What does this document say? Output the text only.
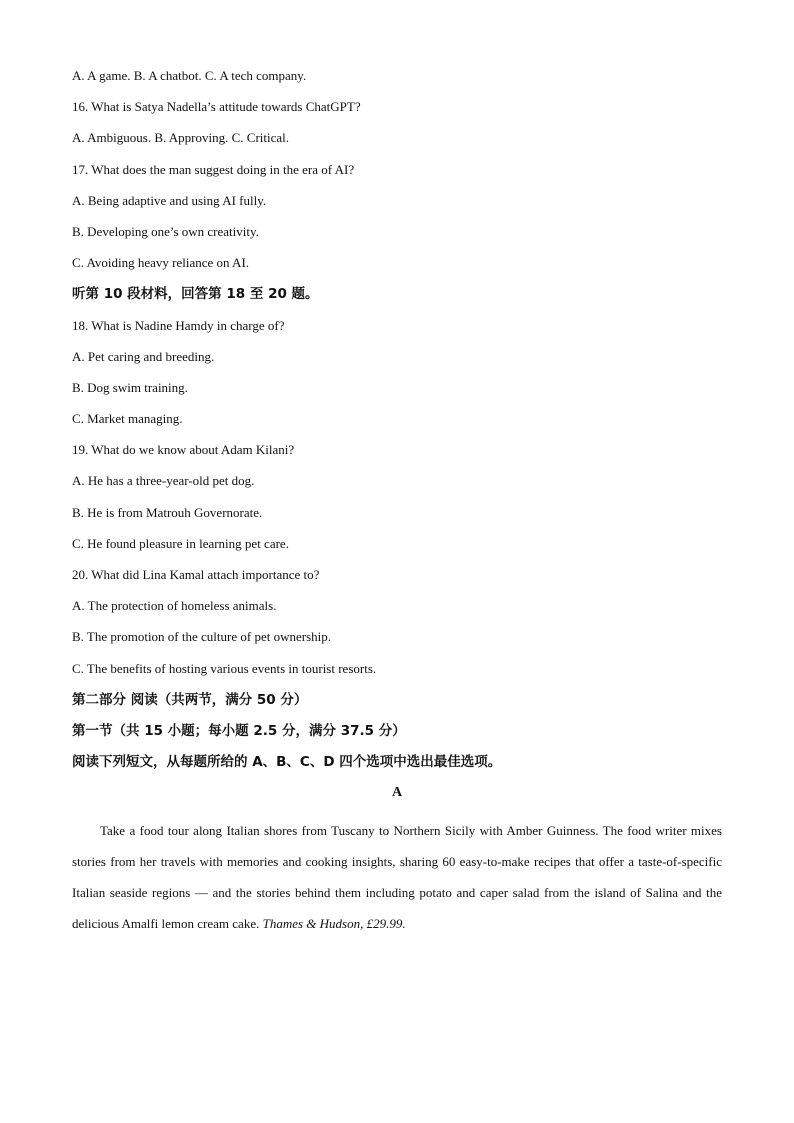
A. A game. B. A chatbot. C. A tech company.
16. What is Satya Nadella’s attitude towards ChatGPT?
A. Ambiguous. B. Approving. C. Critical.
17. What does the man suggest doing in the era of AI?
A. Being adaptive and using AI fully.
B. Developing one’s own creativity.
C. Avoiding heavy reliance on AI.
听第 10 段材料，回答第 18 至 20 题。
18. What is Nadine Hamdy in charge of?
A. Pet caring and breeding.
B. Dog swim training.
C. Market managing.
19. What do we know about Adam Kilani?
A. He has a three-year-old pet dog.
B. He is from Matrouh Governorate.
C. He found pleasure in learning pet care.
20. What did Lina Kamal attach importance to?
A. The protection of homeless animals.
B. The promotion of the culture of pet ownership.
C. The benefits of hosting various events in tourist resorts.
第二部分 阅读（共两节，满分 50 分）
第一节（共 15 小题；每小题 2.5 分，满分 37.5 分）
阅读下列短文，从每题所给的 A、B、C、D 四个选项中选出最佳选项。
A

Take a food tour along Italian shores from Tuscany to Northern Sicily with Amber Guinness. The food writer mixes stories from her travels with memories and cooking insights, sharing 60 easy-to-make recipes that offer a taste-of-specific Italian seaside regions — and the stories behind them including potato and caper salad from the island of Salina and the delicious Amalfi lemon cream cake. Thames & Hudson, £29.99.
